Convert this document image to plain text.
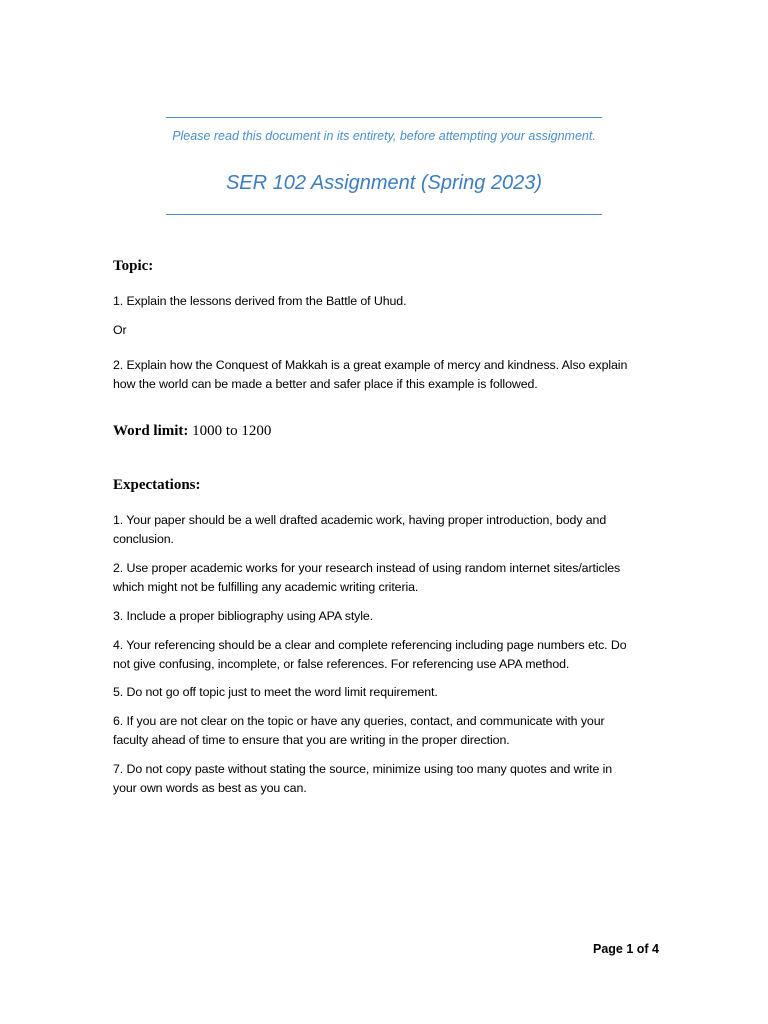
Please read this document in its entirety, before attempting your assignment.
SER 102 Assignment (Spring 2023)
Topic:
1. Explain the lessons derived from the Battle of Uhud.
Or
2. Explain how the Conquest of Makkah is a great example of mercy and kindness. Also explain
how the world can be made a better and safer place if this example is followed.
Word limit: 1000 to 1200
Expectations:
1. Your paper should be a well drafted academic work, having proper introduction, body and
conclusion.
2. Use proper academic works for your research instead of using random internet sites/articles
which might not be fulfilling any academic writing criteria.
3. Include a proper bibliography using APA style.
4. Your referencing should be a clear and complete referencing including page numbers etc. Do
not give confusing, incomplete, or false references. For referencing use APA method.
5. Do not go off topic just to meet the word limit requirement.
6. If you are not clear on the topic or have any queries, contact, and communicate with your
faculty ahead of time to ensure that you are writing in the proper direction.
7. Do not copy paste without stating the source, minimize using too many quotes and write in
your own words as best as you can.
Page 1 of 4
